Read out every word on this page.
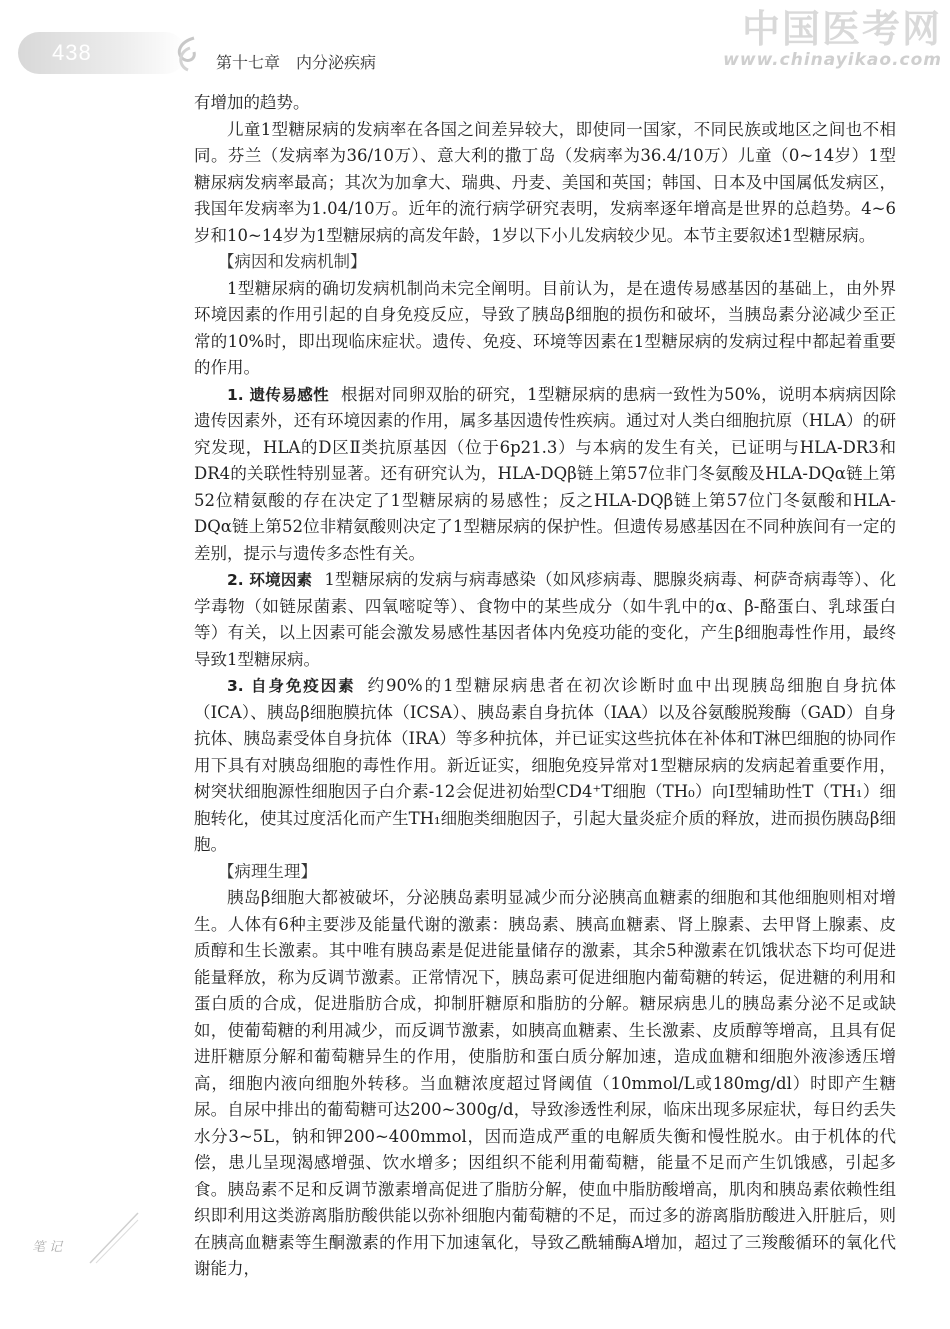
438	第十七章　内分泌疾病
中国医考网
www.chinayikao.com

有增加的趋势。

儿童1型糖尿病的发病率在各国之间差异较大，即使同一国家，不同民族或地区之间也不相同。芬兰（发病率为36/10万）、意大利的撒丁岛（发病率为36.4/10万）儿童（0~14岁）1型糖尿病发病率最高；其次为加拿大、瑞典、丹麦、美国和英国；韩国、日本及中国属低发病区，我国年发病率为1.04/10万。近年的流行病学研究表明，发病率逐年增高是世界的总趋势。4~6岁和10~14岁为1型糖尿病的高发年龄，1岁以下小儿发病较少见。本节主要叙述1型糖尿病。

【病因和发病机制】

1型糖尿病的确切发病机制尚未完全阐明。目前认为，是在遗传易感基因的基础上，由外界环境因素的作用引起的自身免疫反应，导致了胰岛β细胞的损伤和破坏，当胰岛素分泌减少至正常的10%时，即出现临床症状。遗传、免疫、环境等因素在1型糖尿病的发病过程中都起着重要的作用。

1. 遗传易感性 根据对同卵双胎的研究，1型糖尿病的患病一致性为50%，说明本病病因除遗传因素外，还有环境因素的作用，属多基因遗传性疾病。通过对人类白细胞抗原（HLA）的研究发现，HLA的D区Ⅱ类抗原基因（位于6p21.3）与本病的发生有关，已证明与HLA-DR3和DR4的关联性特别显著。还有研究认为，HLA-DQβ链上第57位非门冬氨酸及HLA-DQα链上第52位精氨酸的存在决定了1型糖尿病的易感性；反之HLA-DQβ链上第57位门冬氨酸和HLA-DQα链上第52位非精氨酸则决定了1型糖尿病的保护性。但遗传易感基因在不同种族间有一定的差别，提示与遗传多态性有关。

2. 环境因素 1型糖尿病的发病与病毒感染（如风疹病毒、腮腺炎病毒、柯萨奇病毒等）、化学毒物（如链尿菌素、四氧嘧啶等）、食物中的某些成分（如牛乳中的α、β-酪蛋白、乳球蛋白等）有关，以上因素可能会激发易感性基因者体内免疫功能的变化，产生β细胞毒性作用，最终导致1型糖尿病。

3. 自身免疫因素 约90%的1型糖尿病患者在初次诊断时血中出现胰岛细胞自身抗体（ICA）、胰岛β细胞膜抗体（ICSA）、胰岛素自身抗体（IAA）以及谷氨酸脱羧酶（GAD）自身抗体、胰岛素受体自身抗体（IRA）等多种抗体，并已证实这些抗体在补体和T淋巴细胞的协同作用下具有对胰岛细胞的毒性作用。新近证实，细胞免疫异常对1型糖尿病的发病起着重要作用，树突状细胞源性细胞因子白介素-12会促进初始型CD4⁺T细胞（TH₀）向Ⅰ型辅助性T（TH₁）细胞转化，使其过度活化而产生TH₁细胞类细胞因子，引起大量炎症介质的释放，进而损伤胰岛β细胞。

【病理生理】

胰岛β细胞大都被破坏，分泌胰岛素明显减少而分泌胰高血糖素的细胞和其他细胞则相对增生。人体有6种主要涉及能量代谢的激素：胰岛素、胰高血糖素、肾上腺素、去甲肾上腺素、皮质醇和生长激素。其中唯有胰岛素是促进能量储存的激素，其余5种激素在饥饿状态下均可促进能量释放，称为反调节激素。正常情况下，胰岛素可促进细胞内葡萄糖的转运，促进糖的利用和蛋白质的合成，促进脂肪合成，抑制肝糖原和脂肪的分解。糖尿病患儿的胰岛素分泌不足或缺如，使葡萄糖的利用减少，而反调节激素，如胰高血糖素、生长激素、皮质醇等增高，且具有促进肝糖原分解和葡萄糖异生的作用，使脂肪和蛋白质分解加速，造成血糖和细胞外液渗透压增高，细胞内液向细胞外转移。当血糖浓度超过肾阈值（10mmol/L或180mg/dl）时即产生糖尿。自尿中排出的葡萄糖可达200~300g/d，导致渗透性利尿，临床出现多尿症状，每日约丢失水分3~5L，钠和钾200~400mmol，因而造成严重的电解质失衡和慢性脱水。由于机体的代偿，患儿呈现渴感增强、饮水增多；因组织不能利用葡萄糖，能量不足而产生饥饿感，引起多食。胰岛素不足和反调节激素增高促进了脂肪分解，使血中脂肪酸增高，肌肉和胰岛素依赖性组织即利用这类游离脂肪酸供能以弥补细胞内葡萄糖的不足，而过多的游离脂肪酸进入肝脏后，则在胰高血糖素等生酮激素的作用下加速氧化，导致乙酰辅酶A增加，超过了三羧酸循环的氧化代谢能力，

笔 记
